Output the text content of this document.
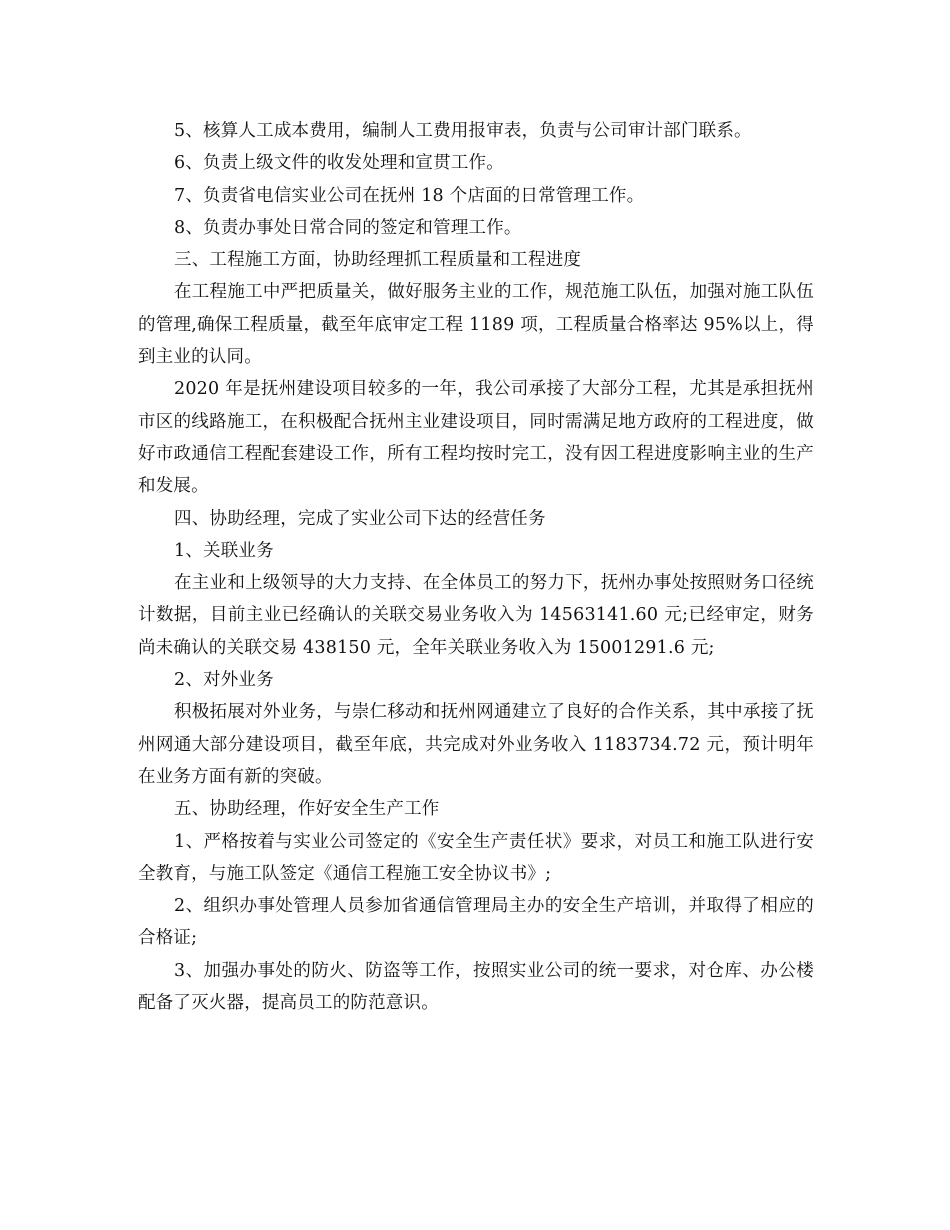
5、核算人工成本费用，编制人工费用报审表，负责与公司审计部门联系。

6、负责上级文件的收发处理和宣贯工作。

7、负责省电信实业公司在抚州 18 个店面的日常管理工作。

8、负责办事处日常合同的签定和管理工作。

三、工程施工方面，协助经理抓工程质量和工程进度

在工程施工中严把质量关，做好服务主业的工作，规范施工队伍，加强对施工队伍的管理,确保工程质量，截至年底审定工程 1189 项，工程质量合格率达 95%以上，得到主业的认同。

2020 年是抚州建设项目较多的一年，我公司承接了大部分工程，尤其是承担抚州市区的线路施工，在积极配合抚州主业建设项目，同时需满足地方政府的工程进度，做好市政通信工程配套建设工作，所有工程均按时完工，没有因工程进度影响主业的生产和发展。

四、协助经理，完成了实业公司下达的经营任务

1、关联业务

在主业和上级领导的大力支持、在全体员工的努力下，抚州办事处按照财务口径统计数据，目前主业已经确认的关联交易业务收入为 14563141.60 元;已经审定，财务尚未确认的关联交易 438150 元，全年关联业务收入为 15001291.6 元;

2、对外业务

积极拓展对外业务，与崇仁移动和抚州网通建立了良好的合作关系，其中承接了抚州网通大部分建设项目，截至年底，共完成对外业务收入 1183734.72 元，预计明年在业务方面有新的突破。

五、协助经理，作好安全生产工作

1、严格按着与实业公司签定的《安全生产责任状》要求，对员工和施工队进行安全教育，与施工队签定《通信工程施工安全协议书》;

2、组织办事处管理人员参加省通信管理局主办的安全生产培训，并取得了相应的合格证;

3、加强办事处的防火、防盗等工作，按照实业公司的统一要求，对仓库、办公楼配备了灭火器，提高员工的防范意识。
